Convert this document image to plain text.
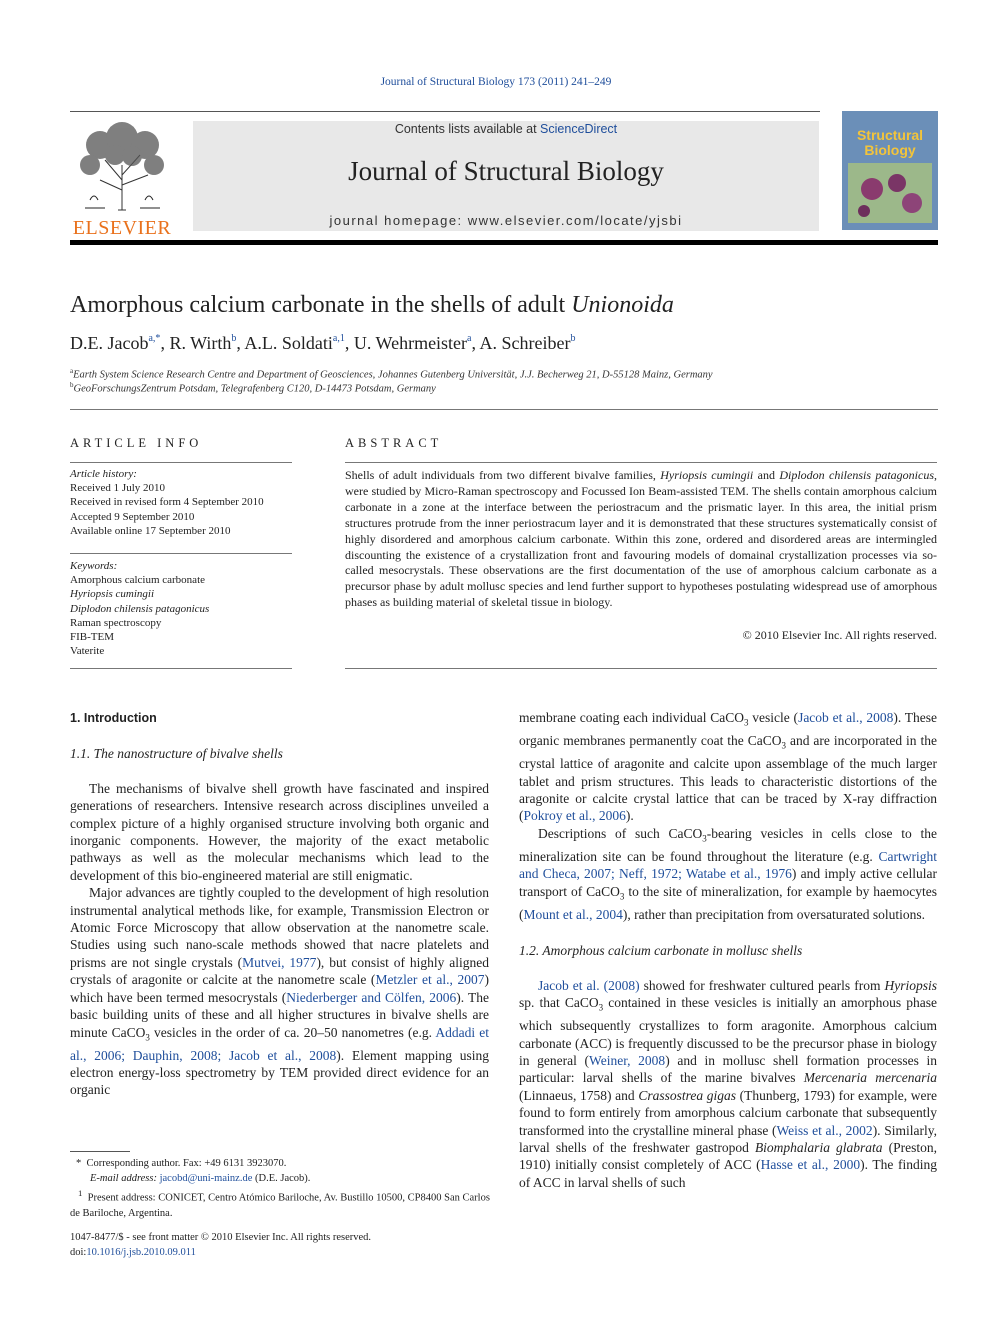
Journal of Structural Biology 173 (2011) 241–249
ELSEVIER
Contents lists available at ScienceDirect
Journal of Structural Biology
journal homepage: www.elsevier.com/locate/yjsbi
Structural
Biology
Amorphous calcium carbonate in the shells of adult Unionoida
D.E. Jacob$^{a,*}$, R. Wirth$^b$, A.L. Soldati$^{a,1}$, U. Wehrmeister$^a$, A. Schreiber$^b$
$^a$Earth System Science Research Centre and Department of Geosciences, Johannes Gutenberg Universität, J.J. Becherweg 21, D-55128 Mainz, Germany
$^b$GeoForschungsZentrum Potsdam, Telegrafenberg C120, D-14473 Potsdam, Germany
ARTICLE INFO
Article history:
Received 1 July 2010
Received in revised form 4 September 2010
Accepted 9 September 2010
Available online 17 September 2010
Keywords:
Amorphous calcium carbonate
Hyriopsis cumingii
Diplodon chilensis patagonicus
Raman spectroscopy
FIB-TEM
Vaterite
ABSTRACT
Shells of adult individuals from two different bivalve families, Hyriopsis cumingii and Diplodon chilensis patagonicus, were studied by Micro-Raman spectroscopy and Focussed Ion Beam-assisted TEM. The shells contain amorphous calcium carbonate in a zone at the interface between the periostracum and the prismatic layer. In this area, the initial prism structures protrude from the inner periostracum layer and it is demonstrated that these structures systematically consist of highly disordered and amorphous calcium carbonate. Within this zone, ordered and disordered areas are intermingled discounting the existence of a crystallization front and favouring models of domainal crystallization processes via so-called mesocrystals. These observations are the first documentation of the use of amorphous calcium carbonate as a precursor phase by adult mollusc species and lend further support to hypotheses postulating widespread use of amorphous phases as building material of skeletal tissue in biology.
© 2010 Elsevier Inc. All rights reserved.
1. Introduction
1.1. The nanostructure of bivalve shells

The mechanisms of bivalve shell growth have fascinated and inspired generations of researchers. Intensive research across disciplines unveiled a complex picture of a highly organised structure involving both organic and inorganic components. However, the majority of the exact metabolic pathways as well as the molecular mechanisms which lead to the development of this bio-engineered material are still enigmatic.

Major advances are tightly coupled to the development of high resolution instrumental analytical methods like, for example, Transmission Electron or Atomic Force Microscopy that allow observation at the nanometre scale. Studies using such nano-scale methods showed that nacre platelets and prisms are not single crystals (Mutvei, 1977), but consist of highly aligned crystals of aragonite or calcite at the nanometre scale (Metzler et al., 2007) which have been termed mesocrystals (Niederberger and Cölfen, 2006). The basic building units of these and all higher structures in bivalve shells are minute CaCO$_3$ vesicles in the order of ca. 20–50 nanometres (e.g. Addadi et al., 2006; Dauphin, 2008; Jacob et al., 2008). Element mapping using electron energy-loss spectrometry by TEM provided direct evidence for an organic

* Corresponding author. Fax: +49 6131 3923070.
E-mail address: jacobd@uni-mainz.de (D.E. Jacob).
$^1$ Present address: CONICET, Centro Atómico Bariloche, Av. Bustillo 10500, CP8400 San Carlos de Bariloche, Argentina.
1047-8477/$ - see front matter © 2010 Elsevier Inc. All rights reserved.
doi:10.1016/j.jsb.2010.09.011

membrane coating each individual CaCO$_3$ vesicle (Jacob et al., 2008). These organic membranes permanently coat the CaCO$_3$ and are incorporated in the crystal lattice of aragonite and calcite upon assemblage of the much larger tablet and prism structures. This leads to characteristic distortions of the aragonite or calcite crystal lattice that can be traced by X-ray diffraction (Pokroy et al., 2006).

Descriptions of such CaCO$_3$-bearing vesicles in cells close to the mineralization site can be found throughout the literature (e.g. Cartwright and Checa, 2007; Neff, 1972; Watabe et al., 1976) and imply active cellular transport of CaCO$_3$ to the site of mineralization, for example by haemocytes (Mount et al., 2004), rather than precipitation from oversaturated solutions.

1.2. Amorphous calcium carbonate in mollusc shells

Jacob et al. (2008) showed for freshwater cultured pearls from Hyriopsis sp. that CaCO$_3$ contained in these vesicles is initially an amorphous phase which subsequently crystallizes to form aragonite. Amorphous calcium carbonate (ACC) is frequently discussed to be the precursor phase in biology in general (Weiner, 2008) and in mollusc shell formation processes in particular: larval shells of the marine bivalves Mercenaria mercenaria (Linnaeus, 1758) and Crassostrea gigas (Thunberg, 1793) for example, were found to form entirely from amorphous calcium carbonate that subsequently transformed into the crystalline mineral phase (Weiss et al., 2002). Similarly, larval shells of the freshwater gastropod Biomphalaria glabrata (Preston, 1910) initially consist completely of ACC (Hasse et al., 2000). The finding of ACC in larval shells of such
